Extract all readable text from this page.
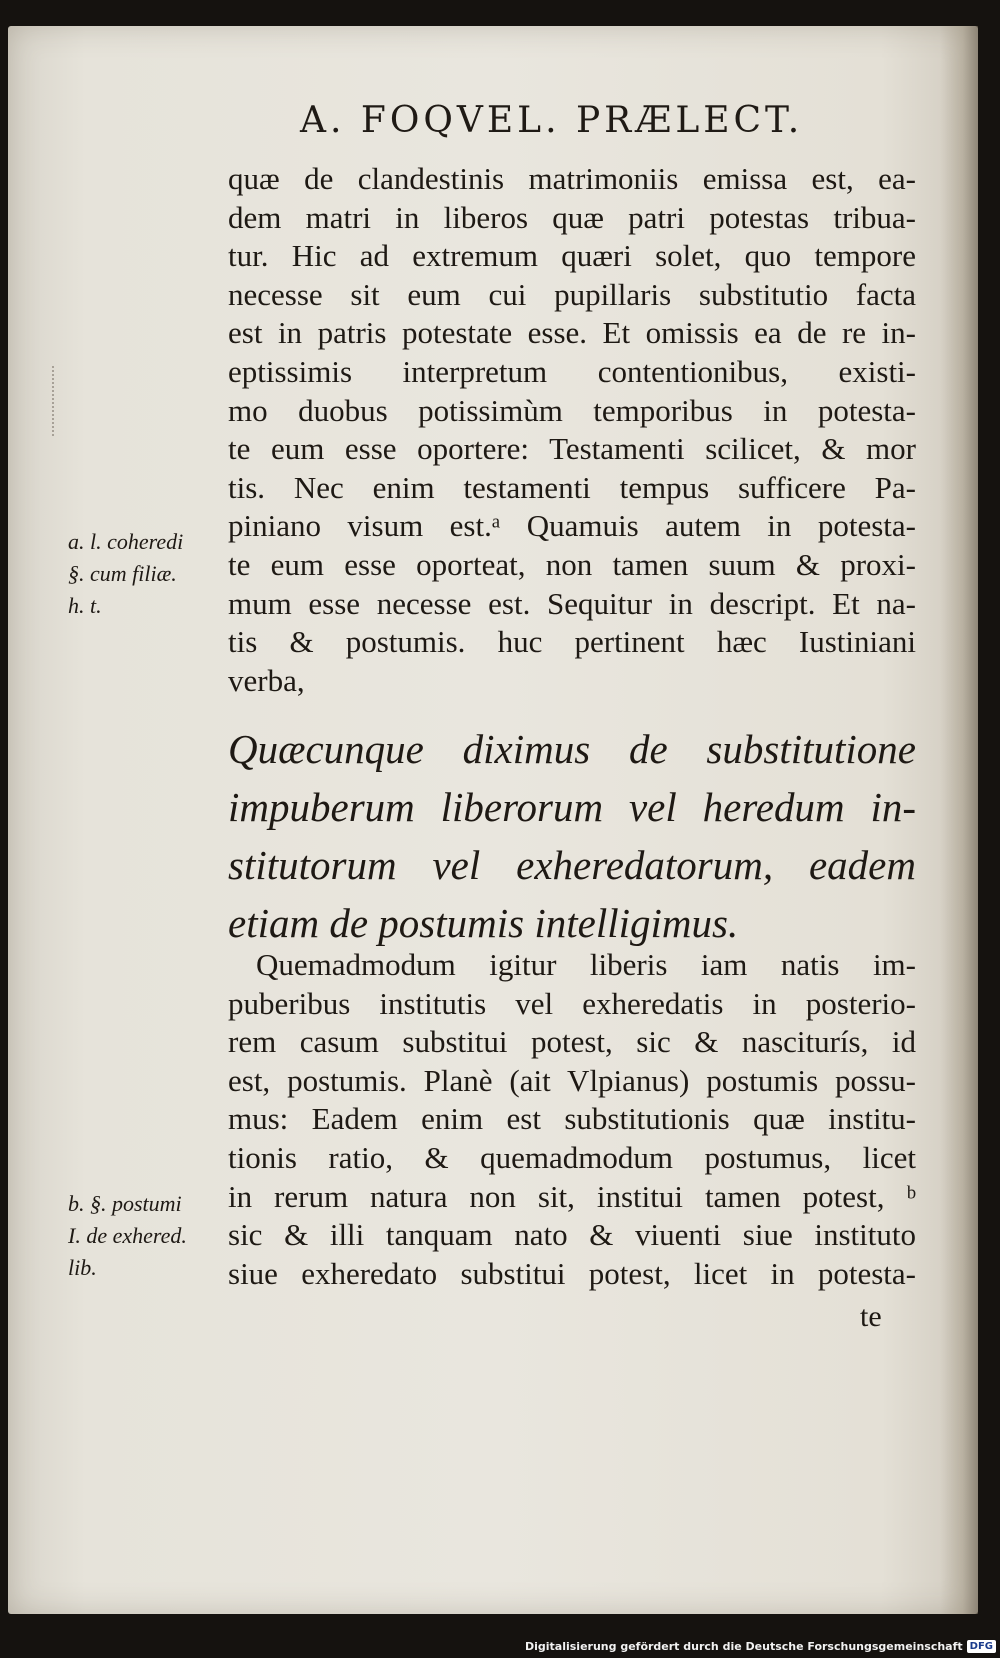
A. FOQVEL. PRÆLECT.
quæ de clandestinis matrimoniis emissa est, ea-
dem matri in liberos quæ patri potestas tribua-
tur. Hic ad extremum quæri solet, quo tempore
necesse sit eum cui pupillaris substitutio facta
est in patris potestate esse. Et omissis ea de re in-
eptissimis interpretum contentionibus, existi-
mo duobus potissimùm temporibus in potesta-
te eum esse oportere: Testamenti scilicet, & mor
tis. Nec enim testamenti tempus sufficere Pa-
piniano visum est.ᵃ Quamuis autem in potesta-
te eum esse oporteat, non tamen suum & proxi-
mum esse necesse est. Sequitur in descript. Et na-
tis & postumis. huc pertinent hæc Iustiniani
verba,
Quæcunque diximus de substitutione
impuberum liberorum vel heredum in-
stitutorum vel exheredatorum, eadem
etiam de postumis intelligimus.
Quemadmodum igitur liberis iam natis im-
puberibus institutis vel exheredatis in posterio-
rem casum substitui potest, sic & nasciturís, id
est, postumis. Planè (ait Vlpianus) postumis possu-
mus: Eadem enim est substitutionis quæ institu-
tionis ratio, & quemadmodum postumus, licet
in rerum natura non sit, institui tamen potest, ᵇ
sic & illi tanquam nato & viuenti siue instituto
siue exheredato substitui potest, licet in potesta-
te
a. l. coheredi
§. cum filiæ.
h. t.
b. §. postumi
I. de exhered.
lib.
Digitalisierung gefördert durch die Deutsche Forschungsgemeinschaft DFG
